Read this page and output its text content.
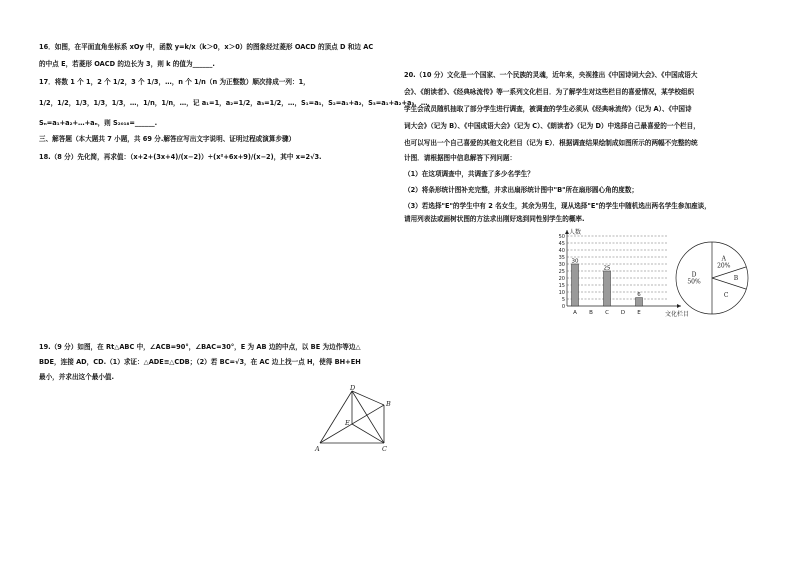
16．如图，在平面直角坐标系 xOy 中，函数 y=k/x（k＞0，x＞0）的图象经过菱形 OACD 的顶点 D 和边 AC
的中点 E，若菱形 OACD 的边长为 3，则 k 的值为______.
17．将数 1 个 1，2 个 1/2，3 个 1/3，…，n 个 1/n（n 为正整数）顺次排成一列：1，
1/2，1/2，1/3，1/3，1/3，…，1/n，1/n，…，记 a₁=1，a₂=1/2，a₃=1/2，…，S₁=a₁，S₂=a₁+a₂，S₃=a₁+a₂+a₃，…，
Sₙ=a₁+a₂+…+aₙ，则 S₂₀₁₈=______.
三、解答题（本大题共 7 小题，共 69 分.解答应写出文字说明、证明过程或演算步骤）
18.（8 分）先化简，再求值：（x+2+(3x+4)/(x−2)）÷(x²+6x+9)/(x−2)，其中 x=2√3.
19.（9 分）如图，在 Rt△ABC 中，∠ACB=90°，∠BAC=30°，E 为 AB 边的中点，以 BE 为边作等边△
BDE，连接 AD，CD.（1）求证：△ADE≌△CDB；（2）若 BC=√3，在 AC 边上找一点 H，使得 BH+EH
最小，并求出这个最小值.
D
B
E
A	C
20.（10 分）文化是一个国家、一个民族的灵魂，近年来，央视推出《中国诗词大会》、《中国成语大
会》、《朗读者》、《经典咏流传》等一系列文化栏目．为了解学生对这些栏目的喜爱情况，某学校组织
学生会成员随机抽取了部分学生进行调查，被调查的学生必须从《经典咏流传》（记为 A）、《中国诗
词大会》（记为 B）、《中国成语大会》（记为 C）、《朗读者》（记为 D）中选择自己最喜爱的一个栏目，
也可以写出一个自己喜爱的其他文化栏目（记为 E）．根据调查结果绘制成如图所示的两幅不完整的统
计图．请根据图中信息解答下列问题：
（1）在这项调查中，共调查了多少名学生？
（2）将条形统计图补充完整，并求出扇形统计图中"B"所在扇形圆心角的度数；
（3）若选择"E"的学生中有 2 名女生，其余为男生，现从选择"E"的学生中随机选出两名学生参加座谈，
请用列表法或画树状图的方法求出刚好选到同性别学生的概率.
0
5
10
15
20
25
30
35
40
45
50
人数
文化栏目
A
30
B C
25
D E
6
A
20%
B
C
D
50%
